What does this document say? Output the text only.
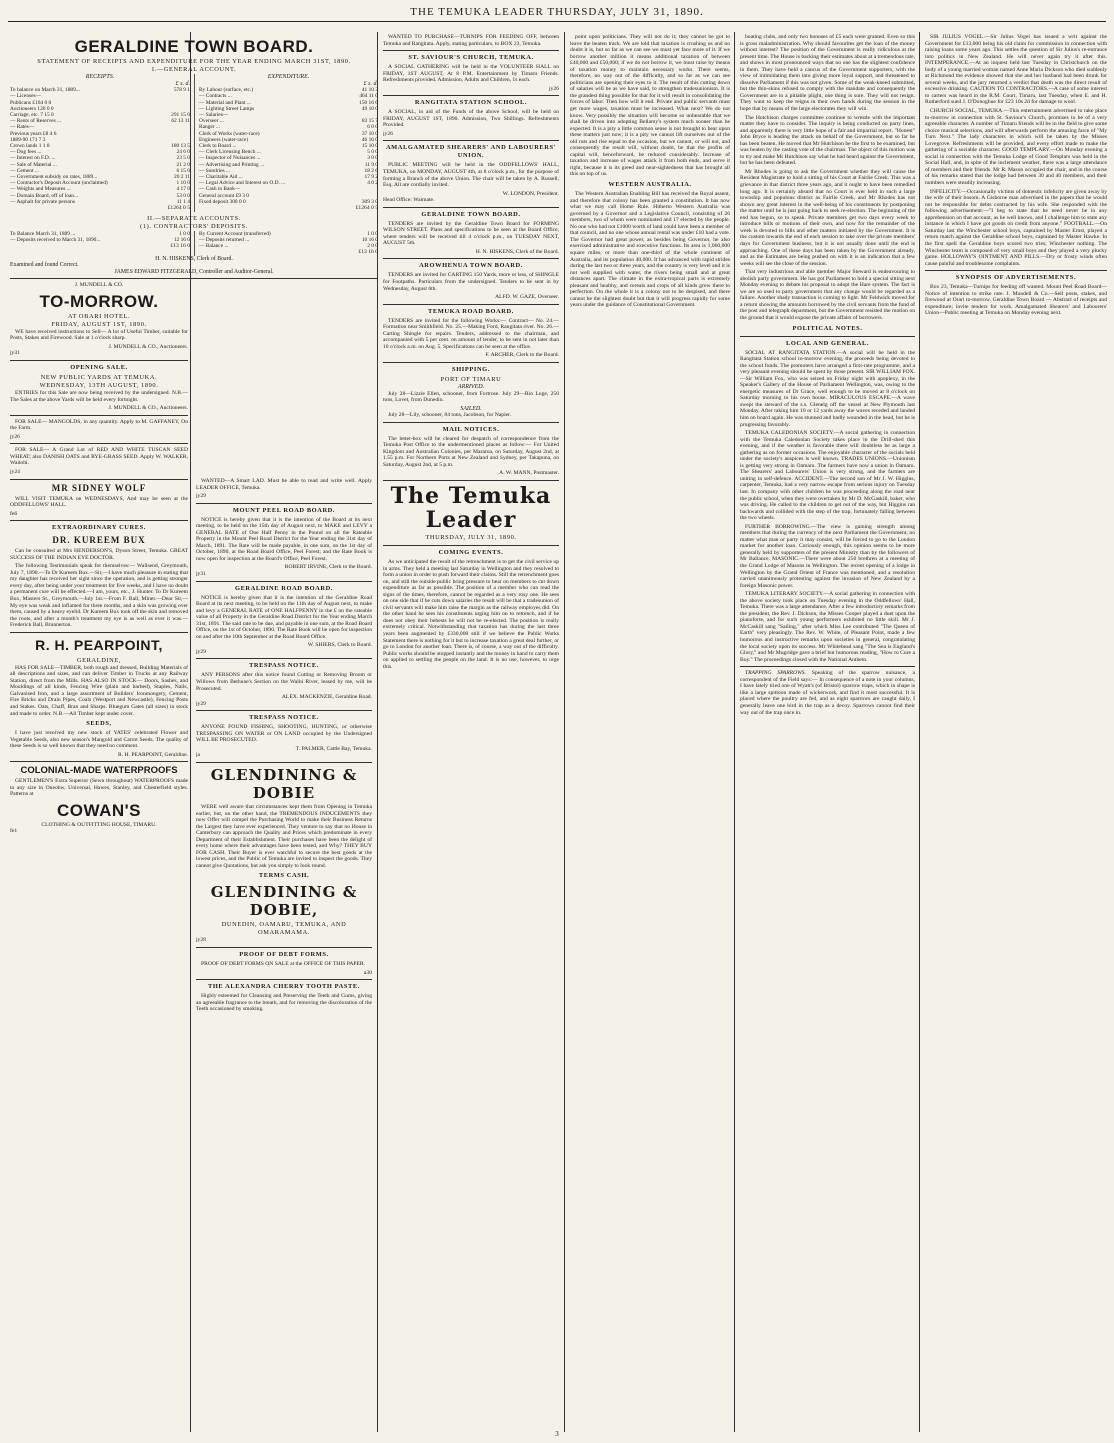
THE TEMUKA LEADER THURSDAY, JULY 31, 1890.
GERALDINE TOWN BOARD.
STATEMENT OF RECEIPTS AND EXPENDITURE FOR THE YEAR ENDING MARCH 31ST, 1890.
I.—GENERAL ACCOUNT.
RECEIPTS.
£ s. d.
To balance on March 31, 1889...	578 9 1
— Licenses—	
Publicans £164 0 0	
Auctioneers 120 0 0	
Carriage, etc. 7 15 0	291 15 0
— Rents of Reserves ...	62 13 11
— Rates—	
Previous years £8 4 6	
1889-90 171 7 3	
Crown lands 1 1 8	180 13 5
— Dog fees ...	24 6 0
— Interest on F.D. ...	23 5 0
— Sale of Material ...	21 2 0
— Cement ...	6 15 0
— Government subsidy on rates, 1889...	20 2 11
— Contractor's Deposit Account (unclaimed)	1 10 0
— Weights and Measures ...	4 17 0
— Domain Board, off of loan...	53 0 0
— Asphalt for private persons	11 1 4
£1264 0 5
EXPENDITURE.
£ s. d.
By Labour (surface, etc.)	41 10 3
— Contracts ...	464 11 0
— Material and Plant ...	150 16 6
— Lighting Street Lamps	49 10 0
— Salaries—	
Overseer ...	83 15 7
Ranger ...	6 0 0
Clerk of Works (water-race)	37 10 0
Engineers (water-race)	46 16 0
Clerk to Board ...	15 10 0
— Clerk Licensing Bench ...	5 0 0
— Inspector of Nuisances ...	3 0 0
— Advertising and Printing ...	11 9 0
— Sundries ...	18 2 6
— Charitable Aid ...	17 9 2
— Legal Advice and Interest on O.D. ...	4 0 2
— Cash in Bank—	
General account £9 3 0	
Fixed deposit 300 0 0	309 3 0
£1264 0 5
II.—SEPARATE ACCOUNTS.
(1). CONTRACTORS' DEPOSITS.
To Balance March 31, 1889 ...	1 0 0
— Deposits received to March 31, 1890...	12 16 0
£13 16 0
By Current Account (transferred)	1 0 0
— Deposits returned ...	10 16 0
— Balance ...	2 0 0
£13 16 0
H. N. HISKENS, Clerk of Board.
Examined and found Correct.
JAMES EDWARD FITZGERALD, Controller and Auditor-General.
J. MUNDELL & CO.
TO-MORROW.
AT OBARI HOTEL.
FRIDAY, AUGUST 1ST, 1890.

WE have received instructions to Sell— A lot of Useful Timber, suitable for Posts, Stakes and Firewood. Sale at 1 o'clock sharp.

J. MUNDELL & CO., Auctioneers.
jy31
OPENING SALE.
NEW PUBLIC YARDS AT TEMUKA.
WEDNESDAY, 13TH AUGUST, 1890.

ENTRIES for this Sale are now being received by the undersigned. N.B.—The Sales at the above Yards will be held every fortnight.

J. MUNDELL & CO., Auctioneers.

FOR SALE— MANGOLDS, in any quantity. Apply to M. GAFFANEY, On the Farm.

jy26

FOR SALE— A Grand Lot of RED AND WHITE TUSCAN SEED WHEAT; also DANISH OATS and RYE-GRASS SEED. Apply W. WALKER, Waitohi.

jy24
MR SIDNEY WOLF

WILL VISIT TEMUKA on WEDNESDAYS, And may be seen at the ODDFELLOWS' HALL.

fe6
EXTRAORDINARY CURES.
DR. KUREEM BUX

Can be consulted at Mrs HENDERSON'S, Dyson Street, Temuka. GREAT SUCCESS OF THE INDIAN EYE DOCTOR.

The following Testimonials speak for themselves:— Wallsend, Greymouth, July 7, 1890.—To Dr Kureem Bux.—Sir,—I have much pleasure in stating that my daughter has received her sight since the operation, and is getting stronger every day, after being under your treatment for five weeks, and I have no doubt a permanent cure will be effected.—I am, yours, etc., J. Hunter. To Dr Kureem Bux, Masters St., Greymouth.—July 1st.—From F. Ball, Miner.—Dear Sir,—My eye was weak and inflamed for three months, and a skin was growing over them, caused by a heavy eyelid. Dr Kureem Bux took off the skin and removed the roots, and after a month's treatment my eye is as well as ever it was.—Frederick Ball, Brunnerton.

R. H. PEARPOINT,
GERALDINE,

HAS FOR SALE—TIMBER, both rough and dressed, Building Materials of all descriptions and sizes, and can deliver Timber in Trucks at any Railway Station, direct from the Mills. HAS ALSO IN STOCK— Doors, Sashes, and Mouldings of all kinds, Fencing Wire (plain and barbed), Staples, Nails, Galvanised Iron, and a large assortment of Builders' Ironmongery, Cement, Fire Bricks and Drain Pipes, Coals (Westport and Newcastle), Fencing Posts and Stakes. Oats, Chaff, Bran and Sharps. Bluegum Gates (all sizes) in stock and made to order. N.B.—All Timber kept under cover.

SEEDS,

I have just received my new stock of YATES' celebrated Flower and Vegetable Seeds, also new season's Mangold and Carrot Seeds. The quality of these Seeds is so well known that they need no comment.

R. H. PEARPOINT, Geraldine.
COLONIAL-MADE WATERPROOFS

GENTLEMEN'S Extra Superior (Sewn throughout) WATERPROOFS made to any size in Oneohw, Universal, Hawes, Stanley, and Chesterfield styles. Patterns at

COWAN'S
CLOTHING & OUTFITTING HOUSE, TIMARU.
fe1

WANTED—A Smart LAD. Must be able to read and write well. Apply LEADER OFFICE, Temuka.

jy29
MOUNT PEEL ROAD BOARD.

NOTICE is hereby given that it is the intention of the Board at its next meeting, to be held on the 15th day of August next, to MAKE and LEVY a GENERAL RATE of One Half Penny in the Pound on all the Rateable Property in the Mount Peel Road District for the Year ending the 31st day of March, 1891. The Rate will be made payable, in one sum, on the 1st day of October, 1890, at the Road Board Office, Peel Forest; and the Rate Book is now open for inspection at the Board's Office, Peel Forest.

ROBERT IRVINE, Clerk to the Board.
jy31
GERALDINE ROAD BOARD.

NOTICE is hereby given that it is the intention of the Geraldine Road Board at its next meeting, to be held on the 11th day of August next, to make and levy a GENERAL RATE of ONE HALFPENNY in the £ on the rateable value of all Property in the Geraldine Road District for the Year ending March 31st, 1891. The said rate to be due, and payable in one sum, at the Road Board Office, on the 1st of October, 1890. The Rate Book will be open for inspection on and after the 10th September at the Road Board Office.

W. SHIERS, Clerk to Board.
jy29
TRESPASS NOTICE.

ANY PERSONS after this notice found Cutting or Removing Broom or Willows from Bethune's Section on the Waihi River, leased by me, will be Prosecuted.

ALEX. MACKENZIE, Geraldine Road.
jy29
TRESPASS NOTICE.

ANYONE FOUND FISHING, SHOOTING, HUNTING, or otherwise TRESPASSING ON WATER or ON LAND occupied by the Undersigned WILL BE PROSECUTED.

T. PALMER, Cattle Bay, Temuka.
ja
GLENDINING & DOBIE

WERE well aware that circumstances kept them from Opening in Temuka earlier, but, on the other hand, the TREMENDOUS INDUCEMENTS they now Offer will compel the Purchasing World to make their Business Returns the Largest they have ever experienced. They venture to say that no House in Canterbury can approach the Quality and Prices which predominate in every Department of their Establishment. Their purchases have been the delight of every home where their advantages have been tested, and Why? THEY BUY FOR CASH. Their Buyer is ever watchful to secure the best goods at the lowest prices, and the Public of Temuka are invited to inspect the goods. They cannot give Quotations, but ask you simply to look round.

TERMS CASH.
GLENDINING & DOBIE,
DUNEDIN, OAMARU, TEMUKA, AND OMARAMAMA.
jy28
PROOF OF DEBT FORMS.

PROOF OF DEBT FORMS ON SALE at the OFFICE OF THIS PAPER.

a30
THE ALEXANDRA CHERRY TOOTH PASTE.

Highly esteemed for Cleansing and Preserving the Teeth and Gums, giving an agreeable fragrance to the breath, and for removing the discoloration of the Teeth occasioned by smoking.

WANTED TO PURCHASE—TURNIPS FOR FEEDING OFF, between Temuka and Rangitata. Apply, stating particulars, to BOX 23, Temuka.

ST. SAVIOUR'S CHURCH, TEMUKA.

A SOCIAL GATHERING will be held in the VOLUNTEER HALL on FRIDAY, 1ST AUGUST, At 8 P.M. Entertainment by Timaru Friends. Refreshments provided. Admission, Adults and Children, 1s each.

jy26
RANGITATA STATION SCHOOL.

A SOCIAL, in aid of the Funds of the above School, will be held on FRIDAY, AUGUST 1ST, 1890. Admission, Two Shillings. Refreshments Provided.

jy26
AMALGAMATED SHEARERS' AND LABOURERS' UNION.

PUBLIC MEETING will be held in the ODDFELLOWS' HALL, TEMUKA, on MONDAY, AUGUST 4th, at 8 o'clock p.m., for the purpose of forming a Branch of the above Union. The chair will be taken by A. Russell, Esq. All are cordially invited.

W. LONDON, President.
Head Office: Waimate.
GERALDINE TOWN BOARD.

TENDERS are invited by the Geraldine Town Board for FORMING WILSON STREET. Plans and specifications to be seen at the Board Office, where tenders will be received till 4 o'clock p.m., on TUESDAY NEXT, AUGUST 5th.

H. N. HISKENS, Clerk of the Board.
AROWHENUA TOWN BOARD.

TENDERS are invited for CARTING 150 Yards, more or less, of SHINGLE for Footpaths. Particulars from the undersigned. Tenders to be sent in by Wednesday, August 6th.

ALFD. W. GAZE, Overseer.
TEMUKA ROAD BOARD.

TENDERS are invited for the following Works:— Contract— No. 24.—Formation near Smithfield. No. 25.—Making Ford, Rangitata river. No. 26.—Carting Shingle for repairs. Tenders, addressed to the chairman, and accompanied with 5 per cent. on amount of tender, to be sent in not later than 10 o'clock a.m. on Aug. 5. Specifications can be seen at the office.

F. ARCHER, Clerk to the Board.
SHIPPING.
PORT OF TIMARU
ARRIVED.

July 28—Lizzie Ellen, schooner, from Fortrose. July 29—Rio Loge, 250 tons, Lovet, from Dunedin.

SAILED.

July 28—Lily, schooner, 84 tons, Jacobson, for Napier.

MAIL NOTICES.

The letter-box will be cleared for despatch of correspondence from the Temuka Post Office to the undermentioned places as follow:— For United Kingdom and Australian Colonies, per Mararoa, on Saturday, August 2nd, at 1.55 p.m. For Northern Ports at New Zealand and Sydney, per Takapuna, on Saturday, August 2nd, at 5 p.m.

A. W. MANN, Postmaster.
The Temuka Leader
THURSDAY, JULY 31, 1890.
COMING EVENTS.

As we anticipated the result of the retrenchment is to get the civil service up in arms. They held a meeting last Saturday in Wellington and they resolved to form a union in order to push forward their claims. Still the retrenchment goes on, and still the outside public bring pressure to bear on members to cut down expenditure as far as possible. The position of a member who can read the signs of the times, therefore, cannot be regarded as a very rosy one. He sees on one side that if he cuts down salaries the result will be that a tradesunion of civil servants will make him raise the margin as the railway employes did. On the other hand he sees his constituents urging him on to retrench, and if he does not obey their behests he will not be re-elected. The position is really extremely critical. Notwithstanding that taxation has during the last three years been augmented by £330,000 still if we believe the Public Works Statement there is nothing for it but to increase taxation a great deal further, or go to London for another loan. There is, of course, a way out of the difficulty. Public works should be stopped instantly and the money in hand to carry them on applied to settling the people on the land. It is no use, however, to urge this.

point upon politicians. They will not do it; they cannot be got to leave the beaten track. We are told that taxation is crushing us and no doubt it is, but so far as we can see we must yet face more of it. If we borrow another million it means additional taxation of between £40,000 and £50,000; if we do not borrow it, we must raise by means of taxation money to maintain necessary works. There seems, therefore, no way out of the difficulty, and so far as we can see politicians are opening their eyes to it. The result of this cutting down of salaries will be as we have said, to strengthen tradesunionism. It is the grandest thing possible for that for it will result in consolidating the forces of labor. Then how will it end. Private and public servants must get more wages, taxation must be increased. What next? We do not know. Very possibly the situation will become so unbearable that we shall be driven into adopting Bellamy's system much sooner than he expected. It is a pity a little common sense is not brought to bear upon these matters just now; it is a pity we cannot lift ourselves out of the old ruts and rise equal to the occasion, but we cannot, or will not, and consequently the result will, without doubt, be that the profits of capital will, henceforward, be reduced considerably. Increase of taxation and increase of wages attack it from both ends, and serve it right, because it is its greed and near-sightedness that has brought all this on top of us.

WESTERN AUSTRALIA.

The Western Australian Enabling Bill has received the Royal assent, and therefore that colony has been granted a constitution. It has now what we may call Home Rule. Hitherto Western Australia was governed by a Governor and a Legislative Council, consisting of 26 members, two of whom were nominated and 17 elected by the people. No one who had not £1000 worth of land could have been a member of that council, and no one whose annual rental was under £10 had a vote. The Governor had great power, as besides being Governor, he also exercised administrative and executive functions. Its area is 1,060,000 square miles, or more than one-third of the whole continent of Australia, and its population 40,000. It has advanced with rapid strides during the last two or three years, and the country is very level and it is not well supplied with water, the rivers being small and at great distances apart. The climate in the extra-tropical parts is extremely pleasant and healthy, and cereals and crops of all kinds grow there to perfection. On the whole it is a colony not to be despised, and there cannot be the slightest doubt but that it will progress rapidly for some years under the guidance of Constitutional Government.

boating clubs, and only two bonuses of £5 each were granted. Even so this is gross maladministration. Why should favourites get the loan of the money without interest? The position of the Government is really ridiculous at the present time. The House is backing their estimates about at a tremendous rate, and shows in most pronounced ways that no one has the slightest confidence in them. They have held a caucus of the Government supporters, with the view of intimidating them into giving more loyal support, and threatened to dissolve Parliament if this was not given. Some of the weak-kneed submitted, but the thin-skins refused to comply with the mandate and consequently the Government are in a pitiable plight, one thing is sure. They will not resign. They want to keep the reigns in their own hands during the session in the hope that by means of the large electorates they will win.

The Hutchison charges committee continue to wrestle with the important matter they have to consider. The inquiry is being conducted on party lines, and apparently there is very little hope of a fair and impartial report. "Honest" John Bryce is leading the attack on behalf of the Government, but so far he has been beaten. He moved that Mr Hutchison be the first to be examined, but was beaten by the casting vote of the chairman. The object of this motion was to try and make Mr Hutchison say what he had heard against the Government, but he has been defeated.

Mr Rhodes is going to ask the Government whether they will cause the Resident Magistrate to hold a sitting of his Court at Fairlie Creek. This was a grievance in that district three years ago, and it ought to have been remedied long ago. It is certainly absurd that no Court is ever held in such a large township and populous district as Fairlie Creek, and Mr Rhodes has not shown any great interest in the well-being of his constituents by postponing the matter until he is just going back to seek re-election. The beginning of the end has begun, so to speak. Private members get two days every week to introduce bills or motions of their own, and now for the remainder of the week is devoted to bills and other matters initiated by the Government. It is the custom towards the end of each session to take over the private members' days for Government business, but it is not usually done until the end is approaching. One of these days has been taken by the Government already, and as the Estimates are being pushed on with it is an indication that a few weeks will see the close of the session.

That very industrious and able member Major Steward is endeavouring to abolish party government. He has got Parliament to hold a special sitting next Monday evening to debate his proposal to adopt the Hare system. The fact is we are so used to party government that any change would be regarded as a failure. Another shady transaction is coming to light. Mr Feldwick moved for a return showing the amounts borrowed by the civil servants from the fund of the post and telegraph department, but the Government resisted the motion on the ground that it would expose the private affairs of borrowers.

POLITICAL NOTES.
LOCAL AND GENERAL.

SOCIAL AT RANGITATA STATION.—A social will be held in the Rangitata Station school to-morrow evening, the proceeds being devoted to the school funds. The promoters have arranged a first-rate programme, and a very pleasant evening should be spent by those present. SIR WILLIAM FOX.—Sir William Fox, who was seized on Friday night with apoplexy, in the Speaker's Gallery of the House of Parliament Wellington, was, owing to the energetic measures of Dr Grace, well enough to be moved at 8 o'clock on Saturday morning to his own house. MIRACULOUS ESCAPE.—A wave swept the steward of the s.s. Glenelg off the vessel at New Plymouth last Monday. After taking him 10 or 12 yards away the waves receded and landed him on board again. He was stunned and badly wounded in the head, but he is progressing favorably.

TEMUKA CALEDONIAN SOCIETY.—A social gathering in connection with the Temuka Caledonian Society takes place in the Drill-shed this evening, and if the weather is favorable there will doubtless be as large a gathering as on former occasions. The enjoyable character of the socials held under the society's auspices is well known. TRADES UNIONS.—Unionism is getting very strong in Oamaru. The farmers have now a union in Oamaru. The Shearers' and Labourers' Union is very strong, and the farmers are uniting in self-defence. ACCIDENT.—The second son of Mr J. W. Higgins, carpenter, Temuka, had a very narrow escape from serious injury on Tuesday last. In company with other children he was proceeding along the road near the public school, when they were overtaken by Mr D. McGaskill, baker, who was driving. He called to the children to get out of the way, but Higgins ran backwards and collided with the step of the trap, fortunately falling between the two wheels.

FURTHER BORROWING.—The view is gaining strength among members that during the currency of the next Parliament the Government, no matter what man or party it may consist, will be forced to go to the London market for another loan. Curiously enough, this opinion seems to be more generally held by supporters of the present Ministry than by the followers of Mr Ballance. MASONIC.—There were about 250 brethren at a meeting of the Grand Lodge of Masons in Wellington. The recent opening of a lodge in Wellington by the Grand Orient of France was mentioned, and a resolution carried unanimously protesting against the invasion of New Zealand by a foreign Masonic power.

TEMUKA LITERARY SOCIETY.—A social gathering in connection with the above society took place on Tuesday evening in the Oddfellows' Hall, Temuka. There was a large attendance. After a few introductory remarks from the president, the Rev. J. Dickson, the Misses Cooper played a duet upon the pianoforte, and for such young performers exhibited no little skill. Mr J. McCaskill sang "Sailing," after which Miss Lee contributed "The Queen of Earth" very pleasingly. The Rev. W. White, of Pleasant Point, made a few humorous and instructive remarks upon societies in general, congratulating the local society upon its success. Mr Whitehead sang "The Sea is England's Glory," and Mr Mugridge gave a brief but humorous reading, "How to Cure a Boy." The proceedings closed with the National Anthem.

TRAPPING SPARROWS. Speaking of the sparrow nuisance, a correspondent of the Field says:— In consequence of a note in your columns, I have lately tried one of Wyatt's (of Bristol) sparrow traps, which in shape is like a large spittoon made of wickerwork, and find it most successful. It is placed where the poultry are fed, and as eight sparrows are caught daily, I generally leave one bird in the trap as a decoy. Sparrows cannot find their way out of the trap once in.

SIR JULIUS VOGEL.—Sir Julius Vogel has issued a writ against the Government for £13,000 being his old claim for commission in connection with raising loans some years ago. This settles the question of Sir Julius's re-entrance into politics in New Zealand. He will never again try it after this. INTEMPERANCE.—At an inquest held last Tuesday in Christchurch on the body of a young married woman named Anne Maria Dickson who died suddenly at Richmond the evidence showed that she and her husband had been drunk for several weeks, and the jury returned a verdict that death was the direct result of excessive drinking. CAUTION TO CONTRACTORS.—A case of some interest to carters was heard in the R.M. Court, Timaru, last Tuesday, when E. and H. Rutherford sued J. O'Donoghue for £23 10s 2d for damage to wool.

CHURCH SOCIAL, TEMUKA.—This entertainment advertised to take place to-morrow in connection with St. Saviour's Church, promises to be of a very agreeable character. A number of Timaru friends will be in the field to give some choice musical selections, and will afterwards perform the amusing farce of "My Turn Next." The lady characters in which will be taken by the Misses Lovegrove. Refreshments will be provided, and every effort made to make the gathering of a sociable character. GOOD TEMPLARY.—On Monday evening a social in connection with the Temuka Lodge of Good Templars was held in the Social Hall, and, in spite of the inclement weather, there was a large attendance of members and their friends. Mr R. Mason occupied the chair, and in the course of his remarks stated that the lodge had between 30 and 40 members, and their numbers were steadily increasing.

INFELICITY.—Occasionally victims of domestic infelicity are given away by the wife of their bosom. A Gisborne man advertised in the papers that he would not be responsible for debts contracted by his wife. She responded with the following advertisement:—"I beg to state that he need never be in any apprehension on that account, as he well knows, and I challenge him to state any instance in which I have got goods on credit from anyone." FOOTBALL.—On Saturday last the Winchester school boys, captained by Master Ernst, played a return match against the Geraldine school boys, captained by Master Hawke. In the first spell the Geraldine boys scored two tries; Winchester nothing. The Winchester team is composed of very small boys and they played a very plucky game. HOLLOWAY'S OINTMENT AND PILLS.—Dry or frosty winds often cause painful and troublesome complaints.

SYNOPSIS OF ADVERTISEMENTS.

Box 23, Temuka—Turnips for feeding off wanted. Mount Peel Road Board—Notice of intention to strike rate. J. Mundell & Co.—Sell posts, stakes, and firewood at Orari to-morrow. Geraldine Town Board — Abstract of receipts and expenditure; invite tenders for work. Amalgamated Shearers' and Labourers' Union—Public meeting at Temuka on Monday evening next.

3
